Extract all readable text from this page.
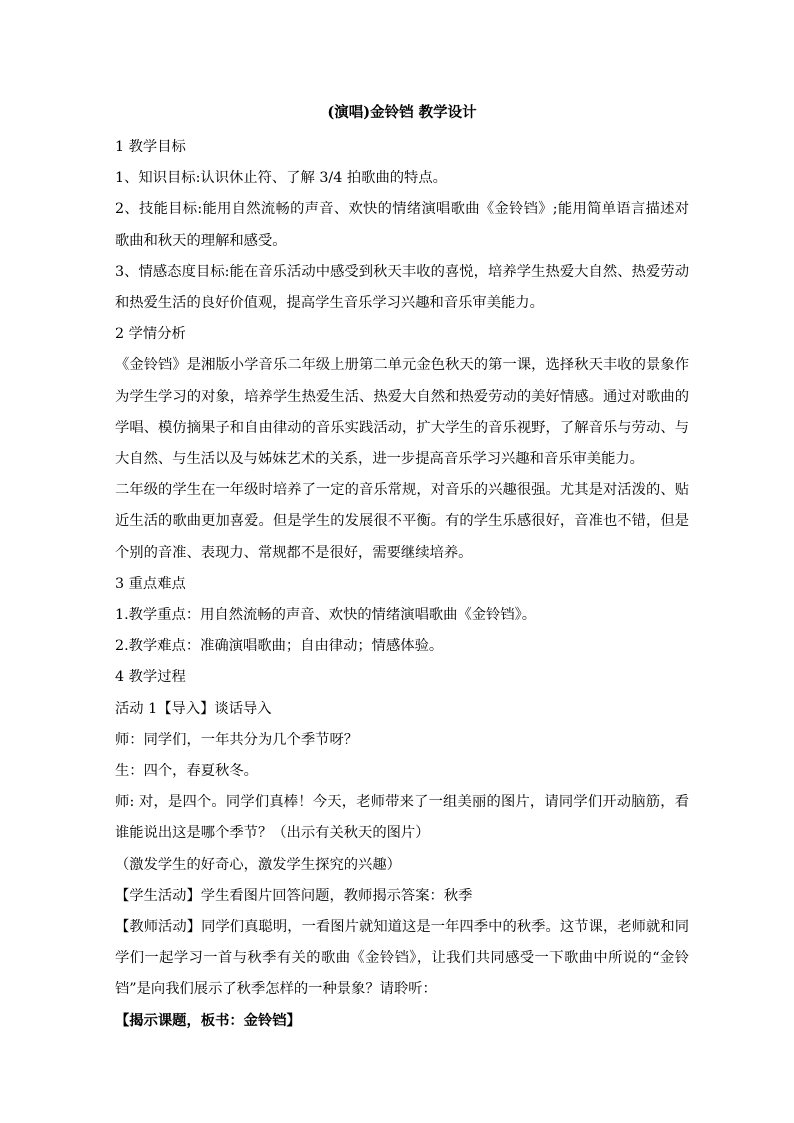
(演唱)金铃铛 教学设计

1 教学目标

1、知识目标:认识休止符、了解 3/4 拍歌曲的特点。

2、技能目标:能用自然流畅的声音、欢快的情绪演唱歌曲《金铃铛》;能用简单语言描述对歌曲和秋天的理解和感受。

3、情感态度目标:能在音乐活动中感受到秋天丰收的喜悦，培养学生热爱大自然、热爱劳动和热爱生活的良好价值观，提高学生音乐学习兴趣和音乐审美能力。

2 学情分析

《金铃铛》是湘版小学音乐二年级上册第二单元金色秋天的第一课，选择秋天丰收的景象作为学生学习的对象，培养学生热爱生活、热爱大自然和热爱劳动的美好情感。通过对歌曲的学唱、模仿摘果子和自由律动的音乐实践活动，扩大学生的音乐视野，了解音乐与劳动、与大自然、与生活以及与姊妹艺术的关系，进一步提高音乐学习兴趣和音乐审美能力。

二年级的学生在一年级时培养了一定的音乐常规，对音乐的兴趣很强。尤其是对活泼的、贴近生活的歌曲更加喜爱。但是学生的发展很不平衡。有的学生乐感很好，音准也不错，但是个别的音准、表现力、常规都不是很好，需要继续培养。

3 重点难点

1.教学重点：用自然流畅的声音、欢快的情绪演唱歌曲《金铃铛》。

2.教学难点：准确演唱歌曲；自由律动；情感体验。

4 教学过程

活动 1【导入】谈话导入

师：同学们，一年共分为几个季节呀？

生：四个，春夏秋冬。

师: 对，是四个。同学们真棒！今天，老师带来了一组美丽的图片，请同学们开动脑筋，看谁能说出这是哪个季节？（出示有关秋天的图片）

（激发学生的好奇心，激发学生探究的兴趣）

【学生活动】学生看图片回答问题，教师揭示答案：秋季

【教师活动】同学们真聪明，一看图片就知道这是一年四季中的秋季。这节课，老师就和同学们一起学习一首与秋季有关的歌曲《金铃铛》，让我们共同感受一下歌曲中所说的“金铃铛”是向我们展示了秋季怎样的一种景象？请聆听：

【揭示课题，板书：金铃铛】
